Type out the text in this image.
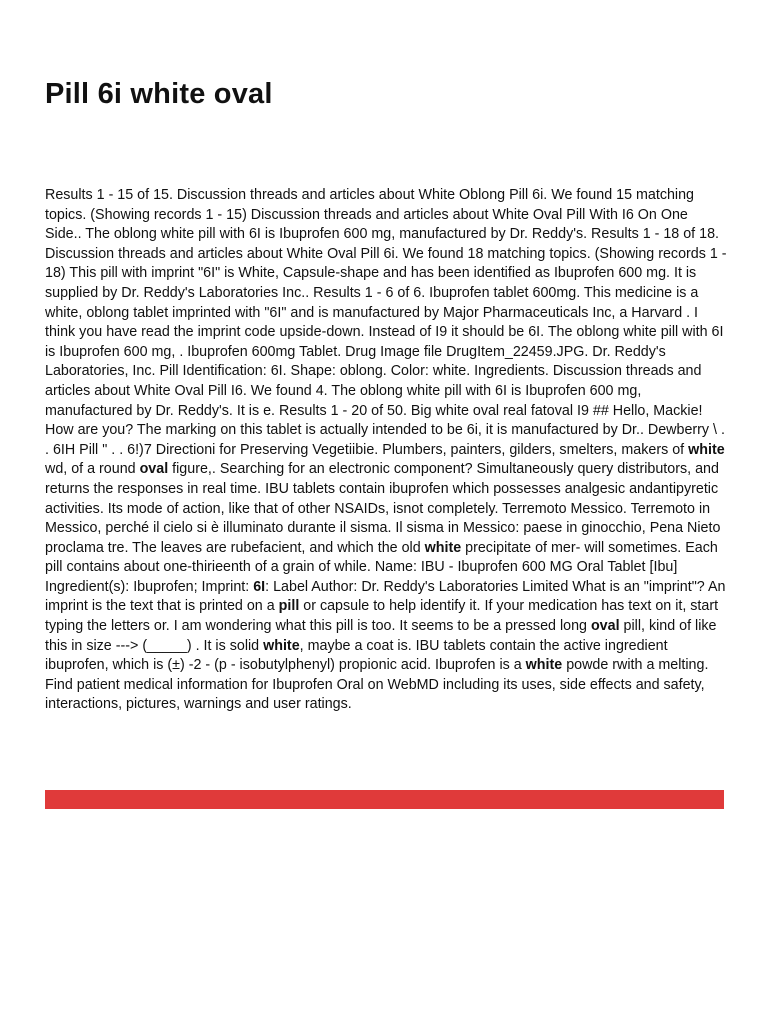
Pill 6i white oval

Results 1 - 15 of 15. Discussion threads and articles about White Oblong Pill 6i. We found 15 matching topics. (Showing records 1 - 15) Discussion threads and articles about White Oval Pill With I6 On One Side.. The oblong white pill with 6I is Ibuprofen 600 mg, manufactured by Dr. Reddy's. Results 1 - 18 of 18. Discussion threads and articles about White Oval Pill 6i. We found 18 matching topics. (Showing records 1 - 18) This pill with imprint "6I" is White, Capsule-shape and has been identified as Ibuprofen 600 mg. It is supplied by Dr. Reddy's Laboratories Inc.. Results 1 - 6 of 6. Ibuprofen tablet 600mg. This medicine is a white, oblong tablet imprinted with "6I" and is manufactured by Major Pharmaceuticals Inc, a Harvard . I think you have read the imprint code upside-down. Instead of I9 it should be 6I. The oblong white pill with 6I is Ibuprofen 600 mg, . Ibuprofen 600mg Tablet. Drug Image file DrugItem_22459.JPG. Dr. Reddy's Laboratories, Inc. Pill Identification: 6I. Shape: oblong. Color: white. Ingredients. Discussion threads and articles about White Oval Pill I6. We found 4. The oblong white pill with 6I is Ibuprofen 600 mg, manufactured by Dr. Reddy's. It is e. Results 1 - 20 of 50. Big white oval real fatoval I9 ## Hello, Mackie! How are you? The marking on this tablet is actually intended to be 6i, it is manufactured by Dr.. Dewberry \ . . 6IH Pill " . . 6!)7 Directioni for Preserving Vegetiibie. Plumbers, painters, gilders, smelters, makers of white wd, of a round oval figure,. Searching for an electronic component? Simultaneously query distributors, and returns the responses in real time. IBU tablets contain ibuprofen which possesses analgesic andantipyretic activities. Its mode of action, like that of other NSAIDs, isnot completely. Terremoto Messico. Terremoto in Messico, perché il cielo si è illuminato durante il sisma. Il sisma in Messico: paese in ginocchio, Pena Nieto proclama tre. The leaves are rubefacient, and which the old white precipitate of mer- will sometimes. Each pill contains about one-thirieenth of a grain of while. Name: IBU - Ibuprofen 600 MG Oral Tablet [Ibu] Ingredient(s): Ibuprofen; Imprint: 6I: Label Author: Dr. Reddy's Laboratories Limited What is an "imprint"? An imprint is the text that is printed on a pill or capsule to help identify it. If your medication has text on it, start typing the letters or. I am wondering what this pill is too. It seems to be a pressed long oval pill, kind of like this in size ---> (_____) . It is solid white, maybe a coat is. IBU tablets contain the active ingredient ibuprofen, which is (±) -2 - (p - isobutylphenyl) propionic acid. Ibuprofen is a white powde rwith a melting. Find patient medical information for Ibuprofen Oral on WebMD including its uses, side effects and safety, interactions, pictures, warnings and user ratings.
